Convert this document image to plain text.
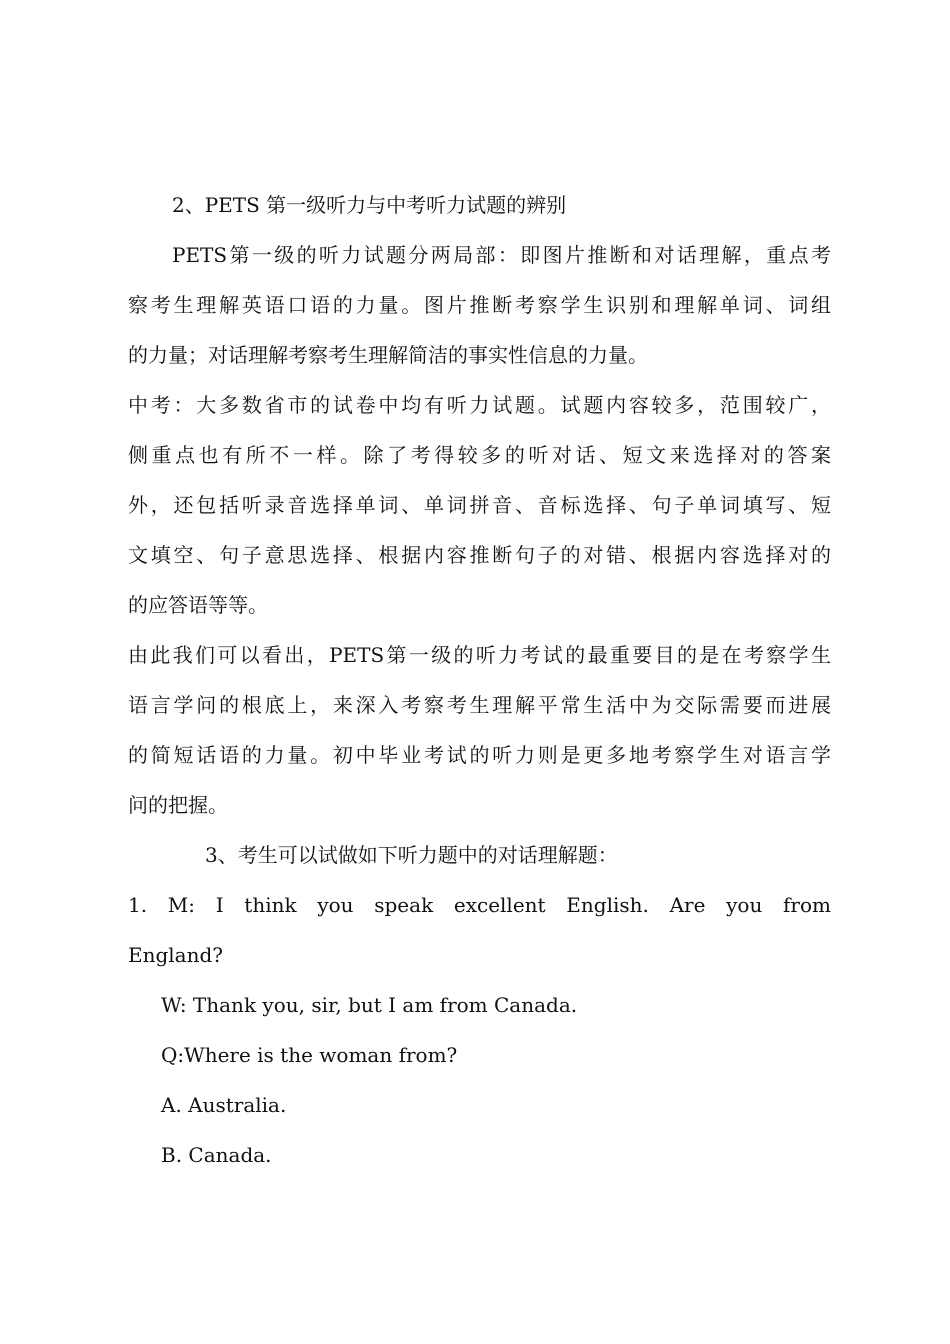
2、PETS 第一级听力与中考听力试题的辨别
PETS第一级的听力试题分两局部：即图片推断和对话理解，重点考
察考生理解英语口语的力量。图片推断考察学生识别和理解单词、词组
的力量；对话理解考察考生理解简洁的事实性信息的力量。
中考：大多数省市的试卷中均有听力试题。试题内容较多，范围较广，
侧重点也有所不一样。除了考得较多的听对话、短文来选择对的答案
外，还包括听录音选择单词、单词拼音、音标选择、句子单词填写、短
文填空、句子意思选择、根据内容推断句子的对错、根据内容选择对的
的应答语等等。
由此我们可以看出，PETS第一级的听力考试的最重要目的是在考察学生
语言学问的根底上，来深入考察考生理解平常生活中为交际需要而进展
的简短话语的力量。初中毕业考试的听力则是更多地考察学生对语言学
问的把握。
3、考生可以试做如下听力题中的对话理解题：
1. M: I think you speak excellent English. Are you from
England?
W: Thank you, sir, but I am from Canada.
Q:Where is the woman from?
A. Australia.
B. Canada.
